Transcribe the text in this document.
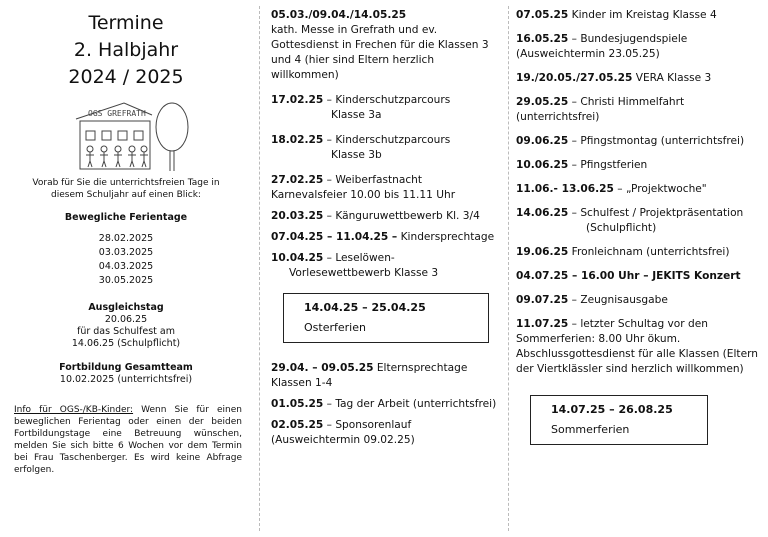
Termine
2. Halbjahr
2024 / 2025
OGS GREFRATH
Vorab für Sie die unterrichtsfreien Tage in
diesem Schuljahr auf einen Blick:
Bewegliche Ferientage
28.02.2025
03.03.2025
04.03.2025
30.05.2025
Ausgleichstag
20.06.25
für das Schulfest am
14.06.25 (Schulpflicht)
Fortbildung Gesamtteam
10.02.2025 (unterrichtsfrei)
Info für OGS-/KB-Kinder: Wenn Sie für einen beweglichen Ferientag oder einen der beiden Fortbildungstage eine Betreuung wünschen, melden Sie sich bitte 6 Wochen vor dem Termin bei Frau Taschenberger. Es wird keine Abfrage erfolgen.
05.03./09.04./14.05.25
kath. Messe in Grefrath und ev. Gottesdienst in Frechen für die Klassen 3 und 4 (hier sind Eltern herzlich willkommen)
17.02.25 – Kinderschutzparcours
Klasse 3a
18.02.25 – Kinderschutzparcours
Klasse 3b
27.02.25 – Weiberfastnacht Karnevalsfeier 10.00 bis 11.11 Uhr
20.03.25 – Känguruwettbewerb Kl. 3/4
07.04.25 – 11.04.25 – Kindersprechtage
10.04.25 – Leselöwen-
Vorlesewettbewerb Klasse 3
14.04.25 – 25.04.25
Osterferien
29.04. – 09.05.25 Elternsprechtage Klassen 1-4
01.05.25 – Tag der Arbeit (unterrichtsfrei)
02.05.25 – Sponsorenlauf (Ausweichtermin 09.02.25)
07.05.25 Kinder im Kreistag Klasse 4
16.05.25 – Bundesjugendspiele (Ausweichtermin 23.05.25)
19./20.05./27.05.25 VERA Klasse 3
29.05.25 – Christi Himmelfahrt (unterrichtsfrei)
09.06.25 – Pfingstmontag (unterrichtsfrei)
10.06.25 – Pfingstferien
11.06.- 13.06.25 – „Projektwoche"
14.06.25 – Schulfest / Projektpräsentation
(Schulpflicht)
19.06.25 Fronleichnam (unterrichtsfrei)
04.07.25 – 16.00 Uhr – JEKITS Konzert
09.07.25 – Zeugnisausgabe
11.07.25 – letzter Schultag vor den Sommerferien: 8.00 Uhr ökum. Abschlussgottesdienst für alle Klassen (Eltern der Viertklässler sind herzlich willkommen)
14.07.25 – 26.08.25
Sommerferien
